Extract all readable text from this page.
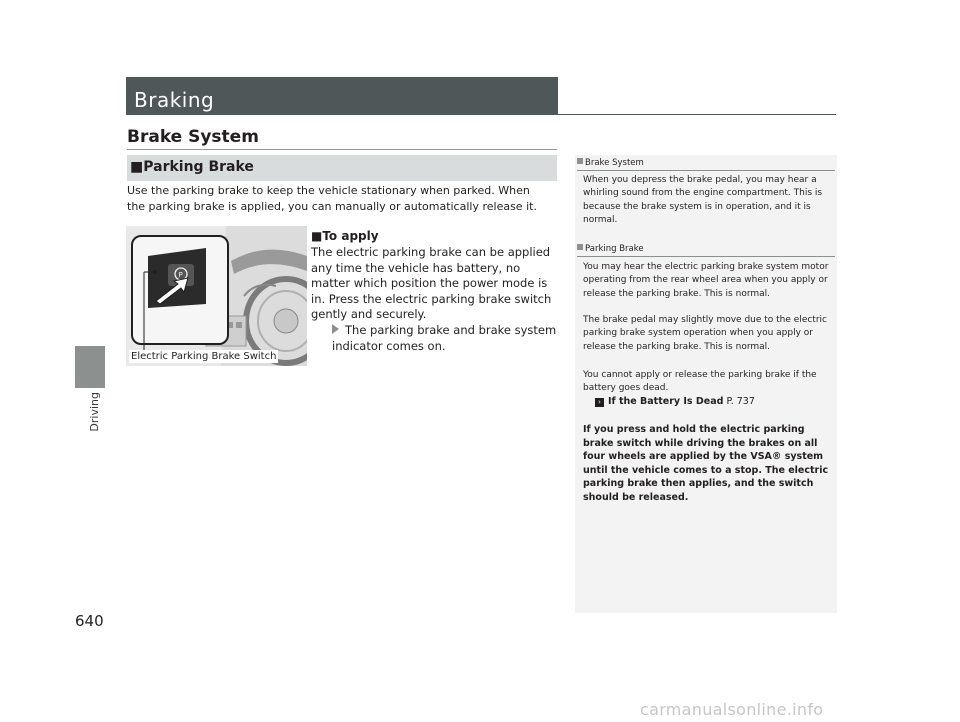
Driving
640
Braking
Brake System
■Parking Brake
Use the parking brake to keep the vehicle stationary when parked. When the parking brake is applied, you can manually or automatically release it.
P
Electric Parking Brake Switch
■To apply
The electric parking brake can be applied any time the vehicle has battery, no matter which position the power mode is in. Press the electric parking brake switch gently and securely.
The parking brake and brake system indicator comes on.
Brake System
When you depress the brake pedal, you may hear a whirling sound from the engine compartment. This is because the brake system is in operation, and it is normal.
Parking Brake
You may hear the electric parking brake system motor operating from the rear wheel area when you apply or release the parking brake. This is normal.
The brake pedal may slightly move due to the electric parking brake system operation when you apply or release the parking brake. This is normal.
You cannot apply or release the parking brake if the battery goes dead.
› If the Battery Is Dead P. 737
If you press and hold the electric parking brake switch while driving the brakes on all four wheels are applied by the VSA® system until the vehicle comes to a stop. The electric parking brake then applies, and the switch should be released.
carmanualsonline.info
